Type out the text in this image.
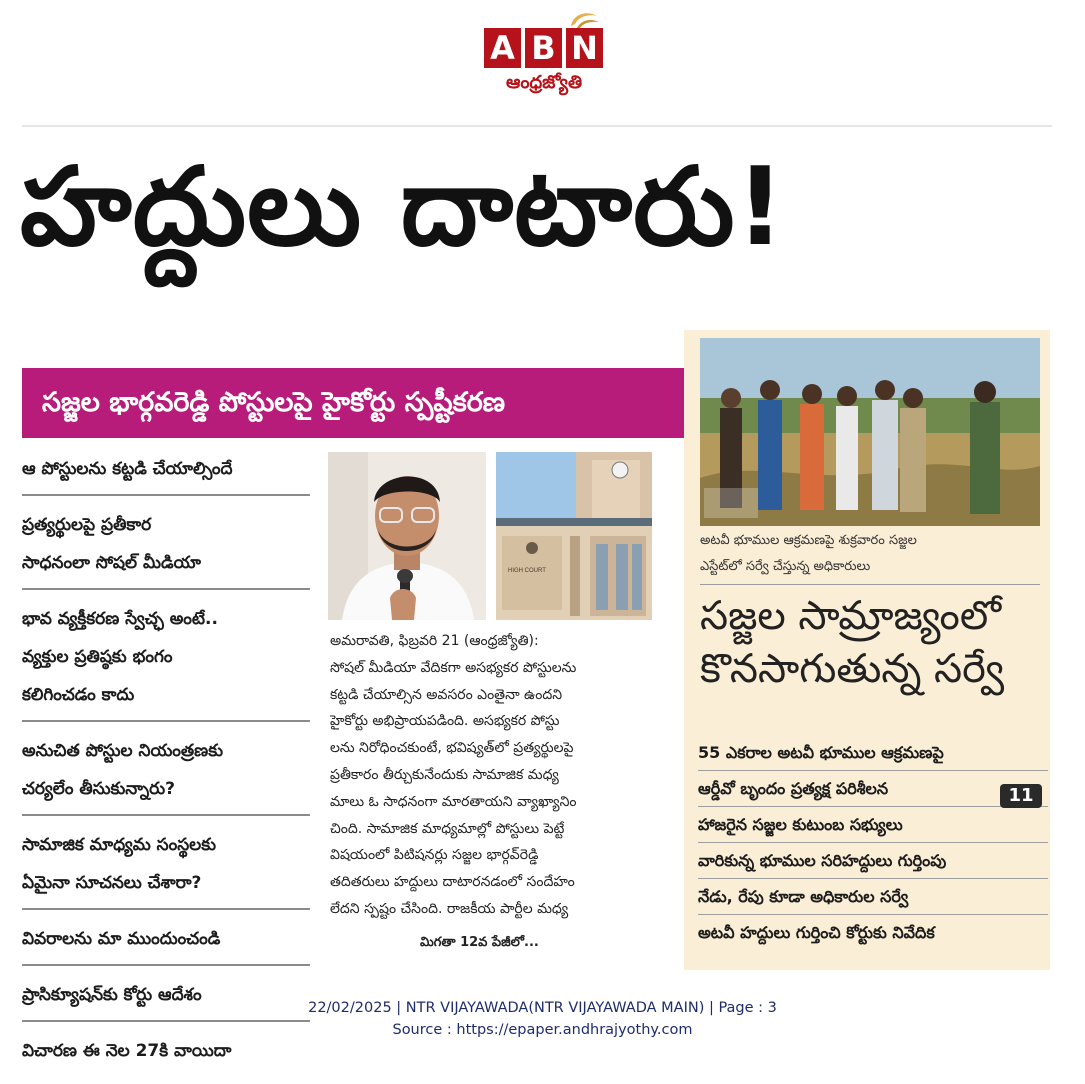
A B N
ఆంధ్రజ్యోతి
హద్దులు దాటారు!
సజ్జల భార్గవరెడ్డి పోస్టులపై హైకోర్టు స్పష్టీకరణ

ఆ పోస్టులను కట్టడి చేయాల్సిందే

ప్రత్యర్థులపై ప్రతీకార

సాధనంలా సోషల్ మీడియా

భావ వ్యక్తీకరణ స్వేచ్ఛ అంటే..

వ్యక్తుల ప్రతిష్ఠకు భంగం

కలిగించడం కాదు

అనుచిత పోస్టుల నియంత్రణకు

చర్యలేం తీసుకున్నారు?

సామాజిక మాధ్యమ సంస్థలకు

ఏమైనా సూచనలు చేశారా?

వివరాలను మా ముందుంచండి

ప్రాసిక్యూషన్‌కు కోర్టు ఆదేశం

విచారణ ఈ నెల 27కి వాయిదా

HIGH COURT

అమరావతి, ఫిబ్రవరి 21 (ఆంధ్రజ్యోతి):

సోషల్ మీడియా వేదికగా అసభ్యకర పోస్టులను

కట్టడి చేయాల్సిన అవసరం ఎంతైనా ఉందని

హైకోర్టు అభిప్రాయపడింది. అసభ్యకర పోస్టు

లను నిరోధించకుంటే, భవిష్యత్‌లో ప్రత్యర్థులపై

ప్రతీకారం తీర్చుకునేందుకు సామాజిక మధ్య

మాలు ఓ సాధనంగా మారతాయని వ్యాఖ్యానిం

చింది. సామాజిక మాధ్యమాల్లో పోస్టులు పెట్టే

విషయంలో పిటిషనర్లు సజ్జల భార్గవ్‌రెడ్డి

తదితరులు హద్దులు దాటారనడంలో సందేహం

లేదని స్పష్టం చేసింది. రాజకీయ పార్టీల మధ్య

మిగతా 12వ పేజీలో...

అటవీ భూముల ఆక్రమణపై శుక్రవారం సజ్జల

ఎస్టేట్‌లో సర్వే చేస్తున్న అధికారులు

సజ్జల సామ్రాజ్యంలో

కొనసాగుతున్న సర్వే

55 ఎకరాల అటవీ భూముల ఆక్రమణపై
ఆర్డీవో బృందం ప్రత్యక్ష పరిశీలన
హాజరైన సజ్జల కుటుంబ సభ్యులు
వారికున్న భూముల సరిహద్దులు గుర్తింపు
నేడు, రేపు కూడా అధికారుల సర్వే
అటవీ హద్దులు గుర్తించి కోర్టుకు నివేదిక
11

22/02/2025 | NTR VIJAYAWADA(NTR VIJAYAWADA MAIN) | Page : 3

Source : https://epaper.andhrajyothy.com
